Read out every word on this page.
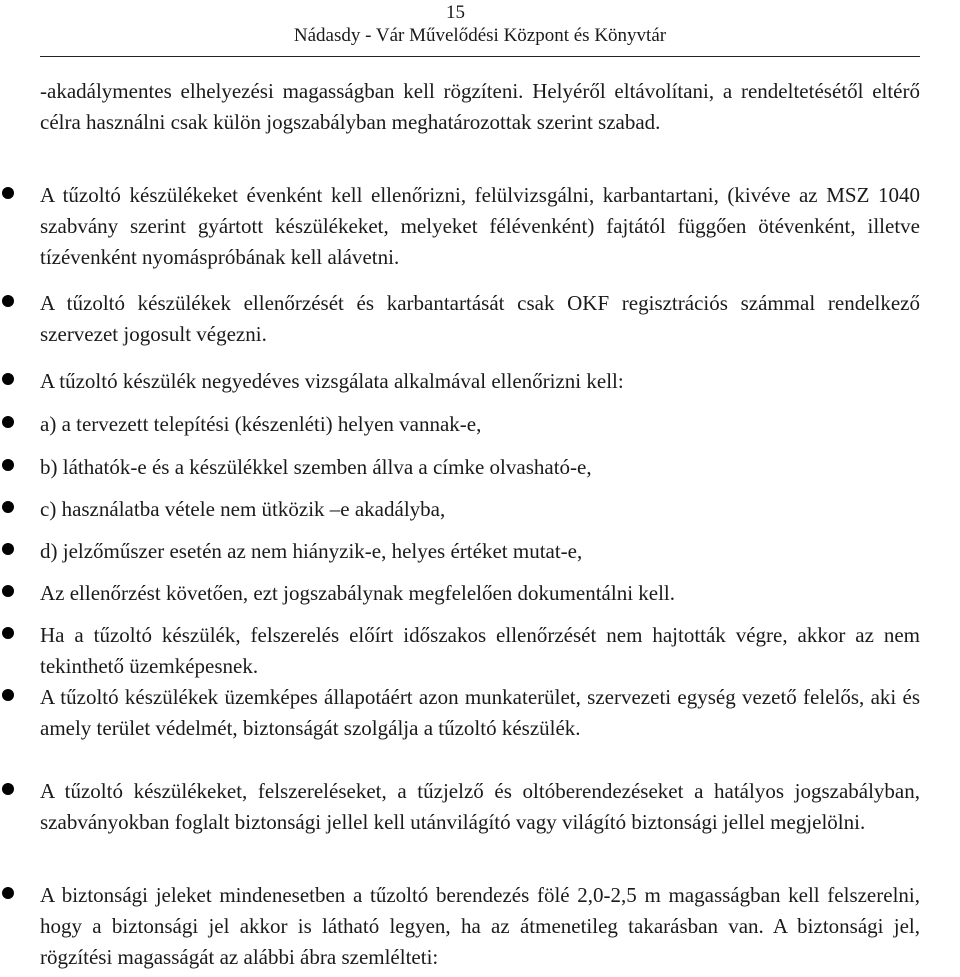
15
Nádasdy - Vár Művelődési Központ és Könyvtár
-akadálymentes elhelyezési magasságban kell rögzíteni. Helyéről eltávolítani, a rendeltetésétől eltérő célra használni csak külön jogszabályban meghatározottak szerint szabad.
A tűzoltó készülékeket évenként kell ellenőrizni, felülvizsgálni, karbantartani, (kivéve az MSZ 1040 szabvány szerint gyártott készülékeket, melyeket félévenként) fajtától függően ötévenként, illetve tízévenként nyomáspróbának kell alávetni.
A tűzoltó készülékek ellenőrzését és karbantartását csak OKF regisztrációs számmal rendelkező szervezet jogosult végezni.
A tűzoltó készülék negyedéves vizsgálata alkalmával ellenőrizni kell:
a) a tervezett telepítési (készenléti) helyen vannak-e,
b) láthatók-e és a készülékkel szemben állva a címke olvasható-e,
c) használatba vétele nem ütközik –e akadályba,
d) jelzőműszer esetén az nem hiányzik-e, helyes értéket mutat-e,
Az ellenőrzést követően, ezt jogszabálynak megfelelően dokumentálni kell.
Ha a tűzoltó készülék, felszerelés előírt időszakos ellenőrzését nem hajtották végre, akkor az nem tekinthető üzemképesnek.
A tűzoltó készülékek üzemképes állapotáért azon munkaterület, szervezeti egység vezető felelős, aki és amely terület védelmét, biztonságát szolgálja a tűzoltó készülék.
A tűzoltó készülékeket, felszereléseket, a tűzjelző és oltóberendezéseket a hatályos jogszabályban, szabványokban foglalt biztonsági jellel kell utánvilágító vagy világító biztonsági jellel megjelölni.
A biztonsági jeleket mindenesetben a tűzoltó berendezés fölé 2,0-2,5 m magasságban kell felszerelni, hogy a biztonsági jel akkor is látható legyen, ha az átmenetileg takarásban van. A biztonsági jel, rögzítési magasságát az alábbi ábra szemlélteti:
